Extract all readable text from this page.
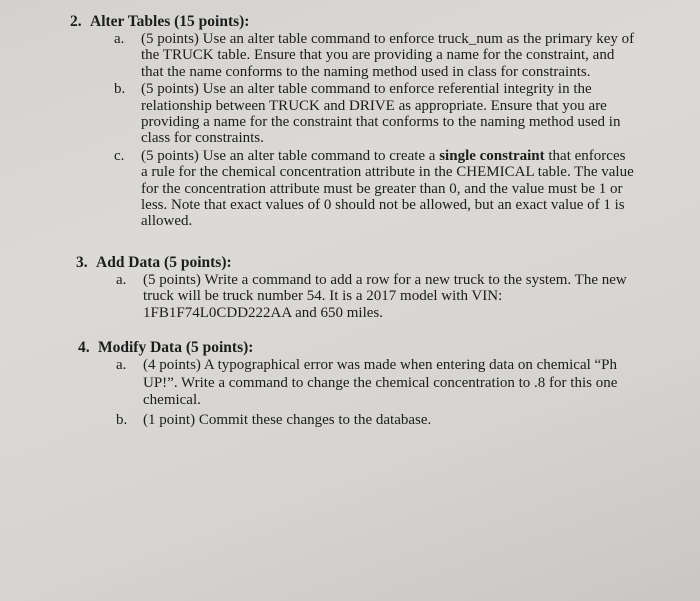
2. Alter Tables (15 points):
a. (5 points) Use an alter table command to enforce truck_num as the primary key of
the TRUCK table. Ensure that you are providing a name for the constraint, and
that the name conforms to the naming method used in class for constraints.
b. (5 points) Use an alter table command to enforce referential integrity in the
relationship between TRUCK and DRIVE as appropriate. Ensure that you are
providing a name for the constraint that conforms to the naming method used in
class for constraints.
c. (5 points) Use an alter table command to create a single constraint that enforces
a rule for the chemical concentration attribute in the CHEMICAL table. The value
for the concentration attribute must be greater than 0, and the value must be 1 or
less. Note that exact values of 0 should not be allowed, but an exact value of 1 is
allowed.
3. Add Data (5 points):
a. (5 points) Write a command to add a row for a new truck to the system. The new
truck will be truck number 54. It is a 2017 model with VIN:
1FB1F74L0CDD222AA and 650 miles.
4. Modify Data (5 points):
a. (4 points) A typographical error was made when entering data on chemical “Ph
UP!”. Write a command to change the chemical concentration to .8 for this one
chemical.
b. (1 point) Commit these changes to the database.
